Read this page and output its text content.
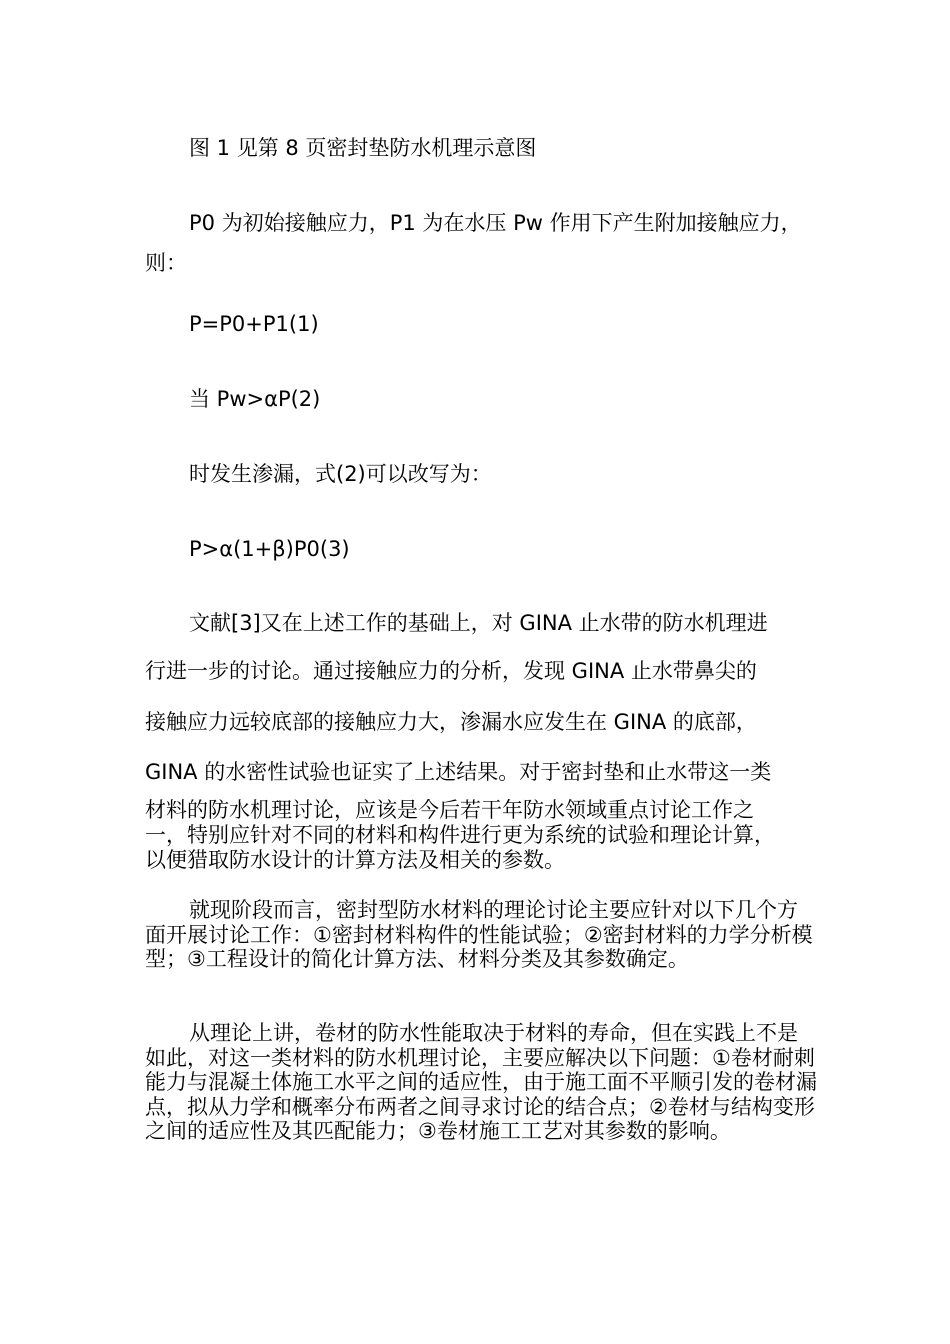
图 1 见第 8 页密封垫防水机理示意图

P0 为初始接触应力，P1 为在水压 Pw 作用下产生附加接触应力，

则：

P=P0+P1(1)

当 Pw>αP(2)

时发生渗漏，式(2)可以改写为：

P>α(1+β)P0(3)

文献[3]又在上述工作的基础上，对 GINA 止水带的防水机理进

行进一步的讨论。通过接触应力的分析，发现 GINA 止水带鼻尖的

接触应力远较底部的接触应力大，渗漏水应发生在 GINA 的底部，

GINA 的水密性试验也证实了上述结果。对于密封垫和止水带这一类

材料的防水机理讨论，应该是今后若干年防水领域重点讨论工作之

一，特别应针对不同的材料和构件进行更为系统的试验和理论计算，

以便猎取防水设计的计算方法及相关的参数。

就现阶段而言，密封型防水材料的理论讨论主要应针对以下几个方面开展讨论工作：①密封材料构件的性能试验；②密封材料的力学分析模型；③工程设计的简化计算方法、材料分类及其参数确定。

从理论上讲，卷材的防水性能取决于材料的寿命，但在实践上不是如此，对这一类材料的防水机理讨论，主要应解决以下问题：①卷材耐刺能力与混凝土体施工水平之间的适应性，由于施工面不平顺引发的卷材漏点，拟从力学和概率分布两者之间寻求讨论的结合点；②卷材与结构变形之间的适应性及其匹配能力；③卷材施工工艺对其参数的影响。
